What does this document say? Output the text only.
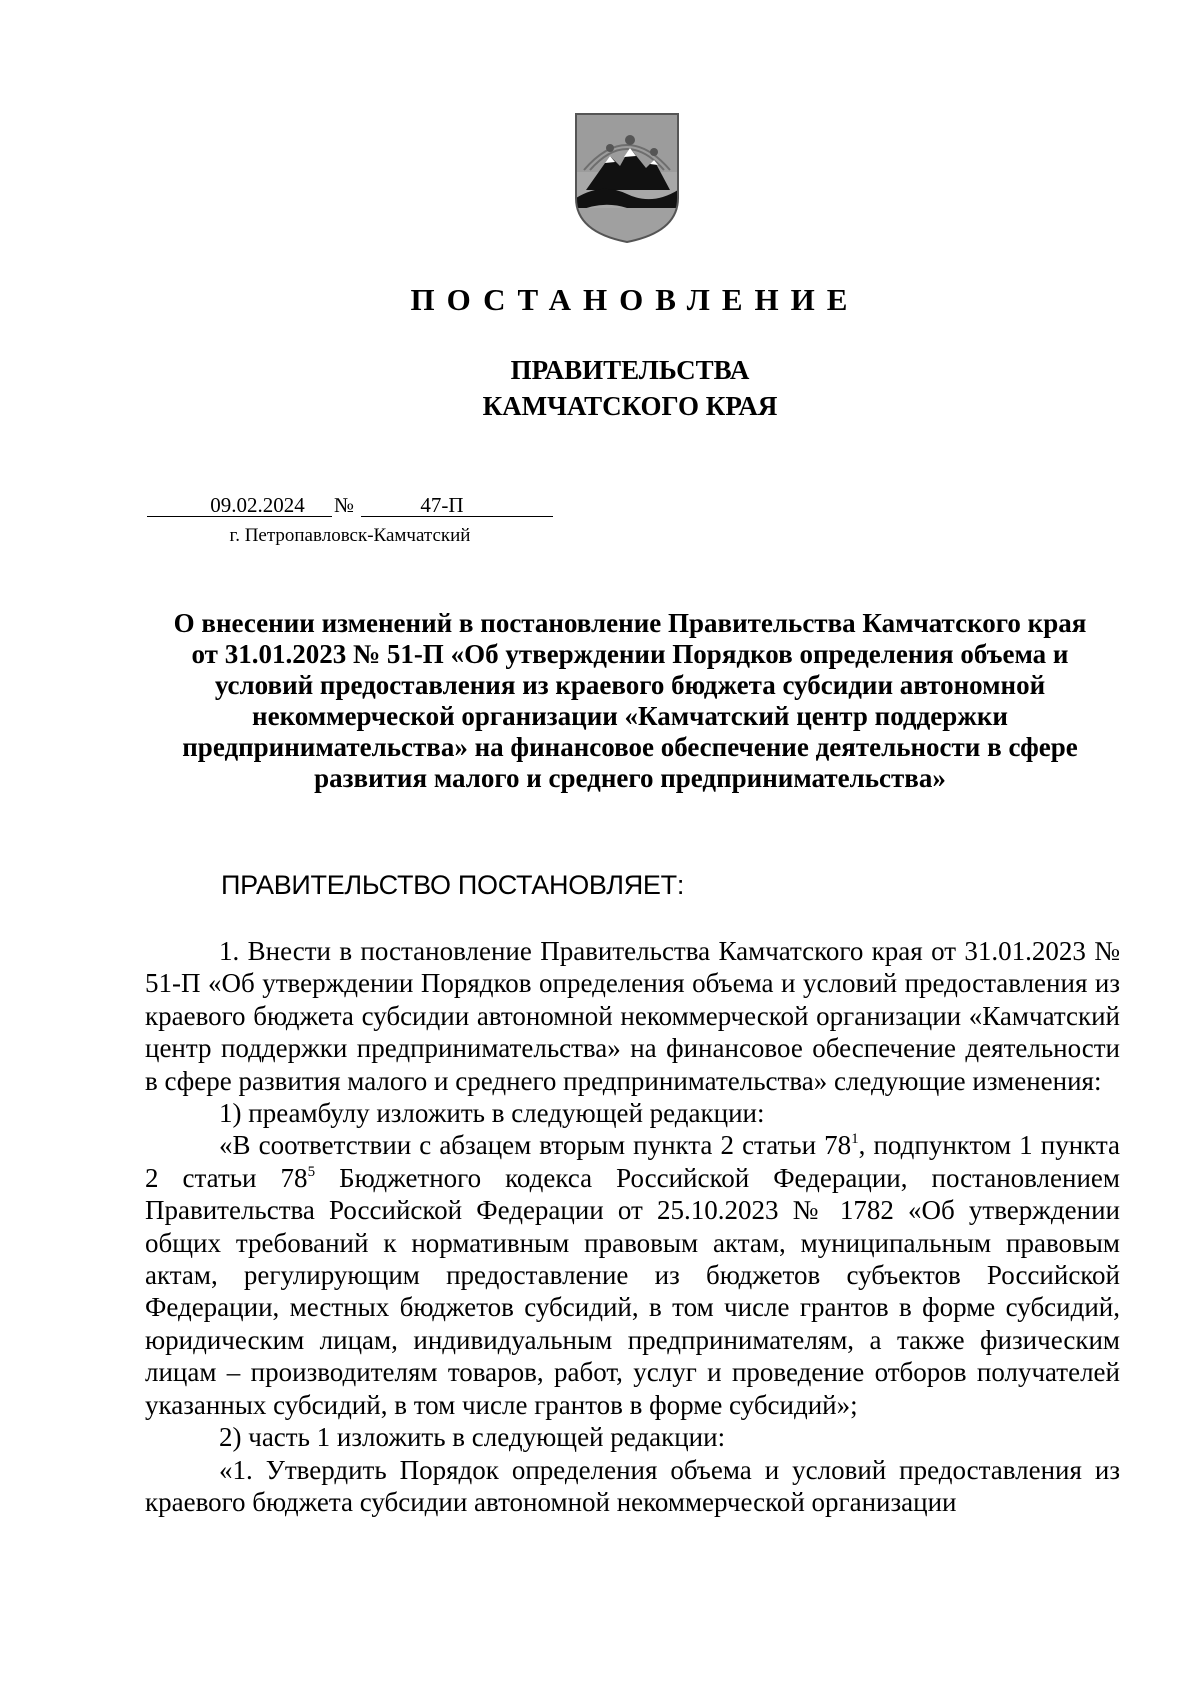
ПОСТАНОВЛЕНИЕ
ПРАВИТЕЛЬСТВА
КАМЧАТСКОГО КРАЯ
09.02.2024	№	47-П
г. Петропавловск-Камчатский
О внесении изменений в постановление Правительства Камчатского края
от 31.01.2023 № 51-П «Об утверждении Порядков определения объема и
условий предоставления из краевого бюджета субсидии автономной
некоммерческой организации «Камчатский центр поддержки
предпринимательства» на финансовое обеспечение деятельности в сфере
развития малого и среднего предпринимательства»
ПРАВИТЕЛЬСТВО ПОСТАНОВЛЯЕТ:

1. Внести в постановление Правительства Камчатского края от 31.01.2023 № 51-П «Об утверждении Порядков определения объема и условий предоставления из краевого бюджета субсидии автономной некоммерческой организации «Камчатский центр поддержки предпринимательства» на финансовое обеспечение деятельности в сфере развития малого и среднего предпринимательства» следующие изменения:

1) преамбулу изложить в следующей редакции:

«В соответствии с абзацем вторым пункта 2 статьи $78^1$, подпунктом 1 пункта 2 статьи $78^5$ Бюджетного кодекса Российской Федерации, постановлением Правительства Российской Федерации от 25.10.2023 № 1782 «Об утверждении общих требований к нормативным правовым актам, муниципальным правовым актам, регулирующим предоставление из бюджетов субъектов Российской Федерации, местных бюджетов субсидий, в том числе грантов в форме субсидий, юридическим лицам, индивидуальным предпринимателям, а также физическим лицам – производителям товаров, работ, услуг и проведение отборов получателей указанных субсидий, в том числе грантов в форме субсидий»;

2) часть 1 изложить в следующей редакции:

«1. Утвердить Порядок определения объема и условий предоставления из краевого бюджета субсидии автономной некоммерческой организации
